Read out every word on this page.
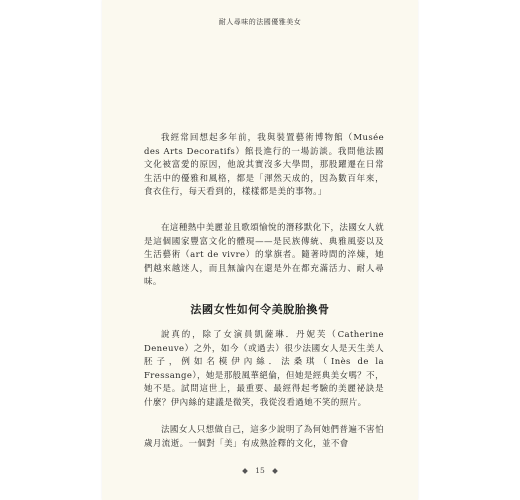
耐人尋味的法國優雅美女

我經常回想起多年前，我與裝置藝術博物館（Musée des Arts Decoratifs）館長進行的一場訪談。我問他法國文化被富愛的原因，他說其實沒多大學問，那股躍遷在日常生活中的優雅和風格，都是「渾然天成的，因為數百年來，食衣住行，每天看到的，樣樣都是美的事物。」

在這種熱中美麗並且歌頌愉悅的潛移默化下，法國女人就是這個國家豐富文化的體現——是民族傳統、典雅風姿以及生活藝術（art de vivre）的掌旗者。隨著時間的淬煉，她們越來越迷人，而且無論內在還是外在都充滿活力、耐人尋味。

法國女性如何令美脫胎換骨

說真的，除了女演員凱薩琳．丹妮芙（Catherine Deneuve）之外，如今（或過去）很少法國女人是天生美人胚子，例如名模伊內絲．法桑琪（Inès de la Fressange），她是那般風華絕倫，但她是經典美女嗎？不，她不是。試問這世上，最重要、最經得起考驗的美麗祕訣是什麼？伊內絲的建議是微笑，我從沒看過她不笑的照片。

法國女人只想做自己，這多少說明了為何她們普遍不害怕歲月流逝。一個對「美」有成熟詮釋的文化，並不會

15
